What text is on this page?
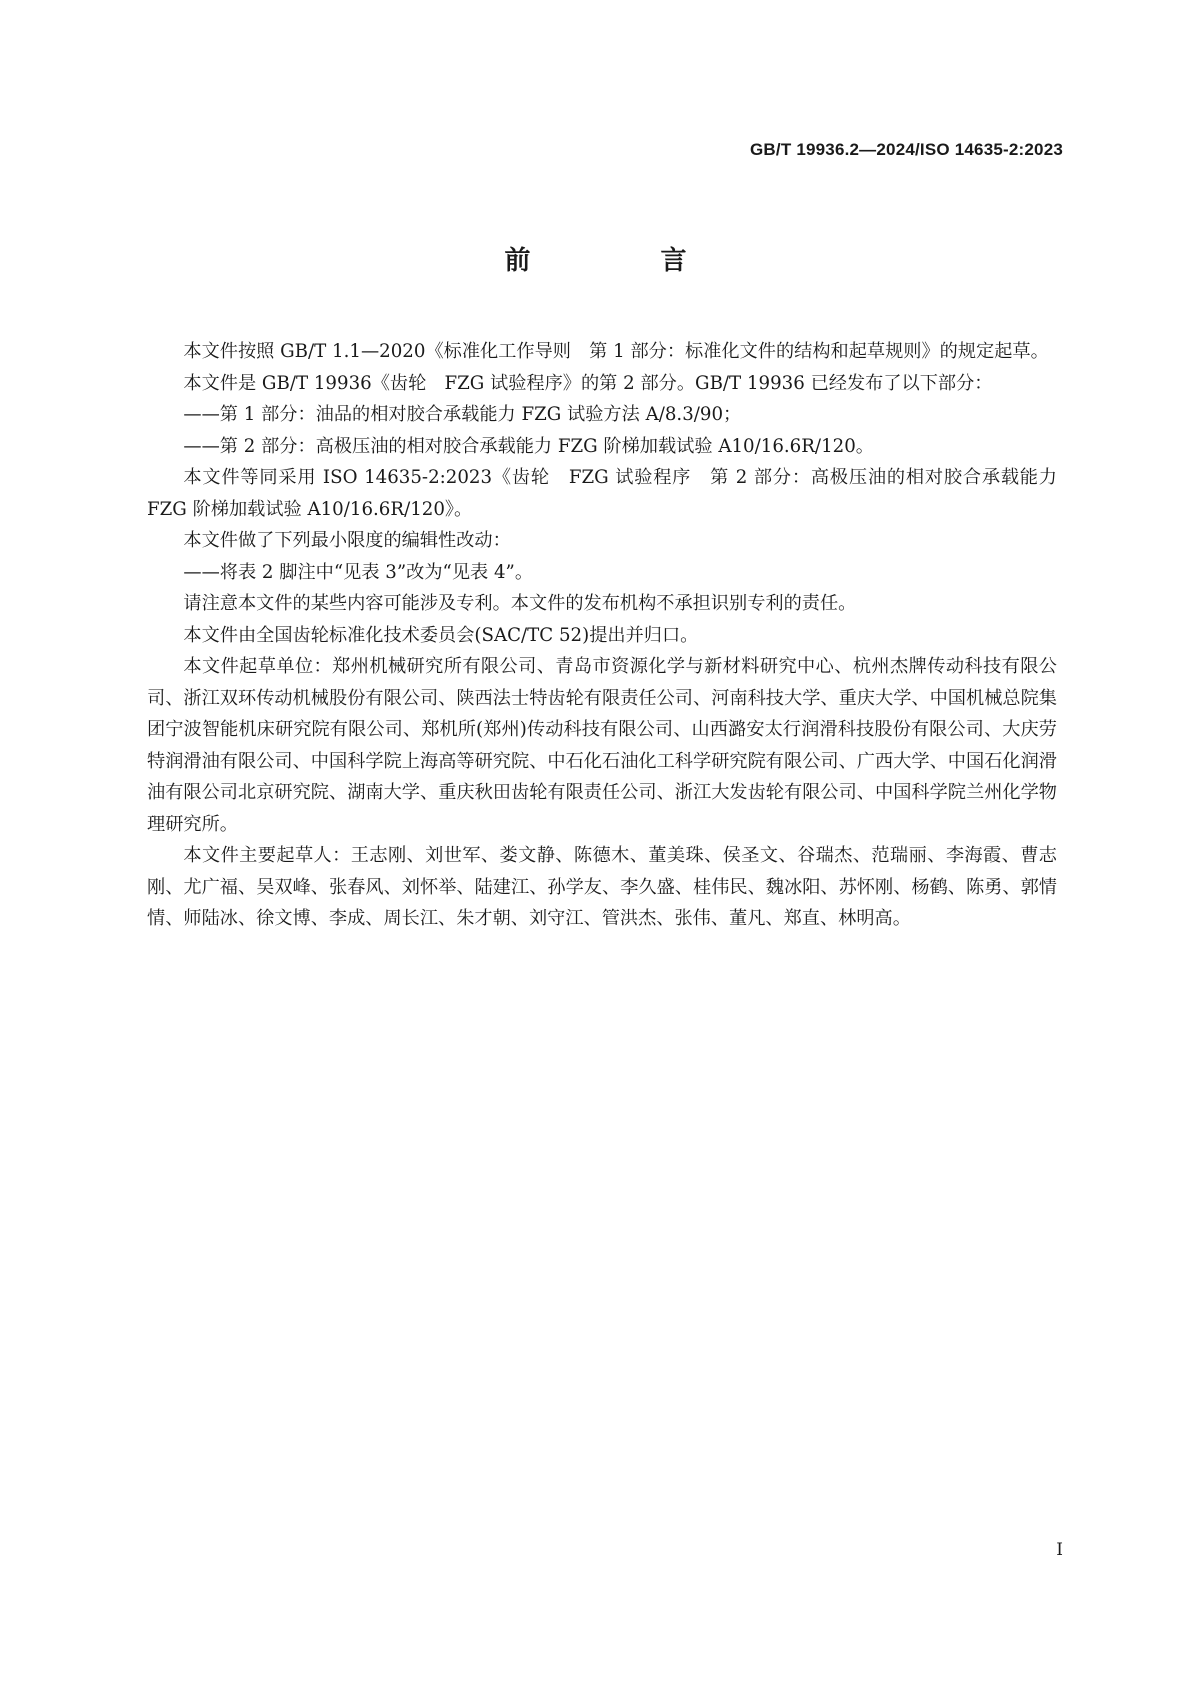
GB/T 19936.2—2024/ISO 14635-2:2023
前　言

本文件按照 GB/T 1.1—2020《标准化工作导则　第 1 部分：标准化文件的结构和起草规则》的规定起草。

本文件是 GB/T 19936《齿轮　FZG 试验程序》的第 2 部分。GB/T 19936 已经发布了以下部分：

——第 1 部分：油品的相对胶合承载能力 FZG 试验方法 A/8.3/90；

——第 2 部分：高极压油的相对胶合承载能力 FZG 阶梯加载试验 A10/16.6R/120。

本文件等同采用 ISO 14635-2:2023《齿轮　FZG 试验程序　第 2 部分：高极压油的相对胶合承载能力 FZG 阶梯加载试验 A10/16.6R/120》。

本文件做了下列最小限度的编辑性改动：

——将表 2 脚注中“见表 3”改为“见表 4”。

请注意本文件的某些内容可能涉及专利。本文件的发布机构不承担识别专利的责任。

本文件由全国齿轮标准化技术委员会(SAC/TC 52)提出并归口。

本文件起草单位：郑州机械研究所有限公司、青岛市资源化学与新材料研究中心、杭州杰牌传动科技有限公司、浙江双环传动机械股份有限公司、陕西法士特齿轮有限责任公司、河南科技大学、重庆大学、中国机械总院集团宁波智能机床研究院有限公司、郑机所(郑州)传动科技有限公司、山西潞安太行润滑科技股份有限公司、大庆劳特润滑油有限公司、中国科学院上海高等研究院、中石化石油化工科学研究院有限公司、广西大学、中国石化润滑油有限公司北京研究院、湖南大学、重庆秋田齿轮有限责任公司、浙江大发齿轮有限公司、中国科学院兰州化学物理研究所。

本文件主要起草人：王志刚、刘世军、娄文静、陈德木、董美珠、侯圣文、谷瑞杰、范瑞丽、李海霞、曹志刚、尤广福、吴双峰、张春风、刘怀举、陆建江、孙学友、李久盛、桂伟民、魏冰阳、苏怀刚、杨鹤、陈勇、郭情情、师陆冰、徐文博、李成、周长江、朱才朝、刘守江、管洪杰、张伟、董凡、郑直、林明高。

I
